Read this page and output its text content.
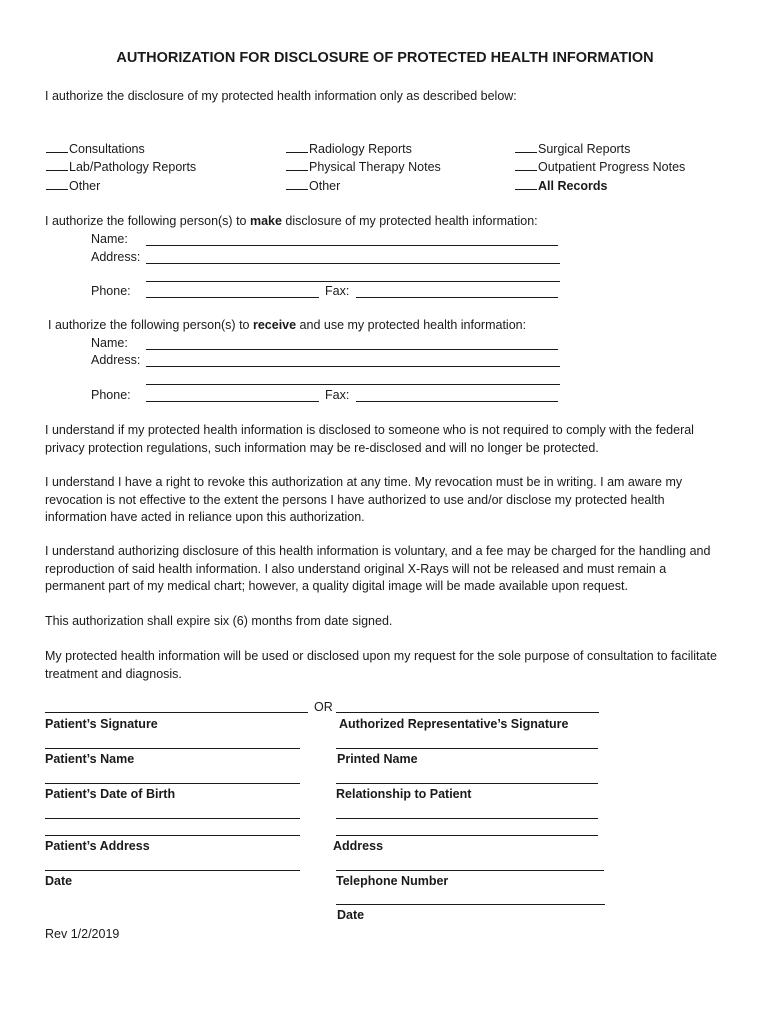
AUTHORIZATION FOR DISCLOSURE OF PROTECTED HEALTH INFORMATION
I authorize the disclosure of my protected health information only as described below:
Consultations
Lab/Pathology Reports
Other
Radiology Reports
Physical Therapy Notes
Other
Surgical Reports
Outpatient Progress Notes
All Records
I authorize the following person(s) to make disclosure of my protected health information:
Name:
Address:
Phone:	Fax:
I authorize the following person(s) to receive and use my protected health information:
Name:
Address:
Phone:	Fax:
I understand if my protected health information is disclosed to someone who is not required to comply with the federal privacy protection regulations, such information may be re-disclosed and will no longer be protected.
I understand I have a right to revoke this authorization at any time. My revocation must be in writing. I am aware my revocation is not effective to the extent the persons I have authorized to use and/or disclose my protected health information have acted in reliance upon this authorization.
I understand authorizing disclosure of this health information is voluntary, and a fee may be charged for the handling and reproduction of said health information. I also understand original X-Rays will not be released and must remain a permanent part of my medical chart; however, a quality digital image will be made available upon request.
This authorization shall expire six (6) months from date signed.
My protected health information will be used or disclosed upon my request for the sole purpose of consultation to facilitate treatment and diagnosis.
OR
Patient’s Signature	Authorized Representative’s Signature
Patient’s Name	Printed Name
Patient’s Date of Birth	Relationship to Patient
Patient’s Address	Address
Date	Telephone Number
Date
Rev 1/2/2019
